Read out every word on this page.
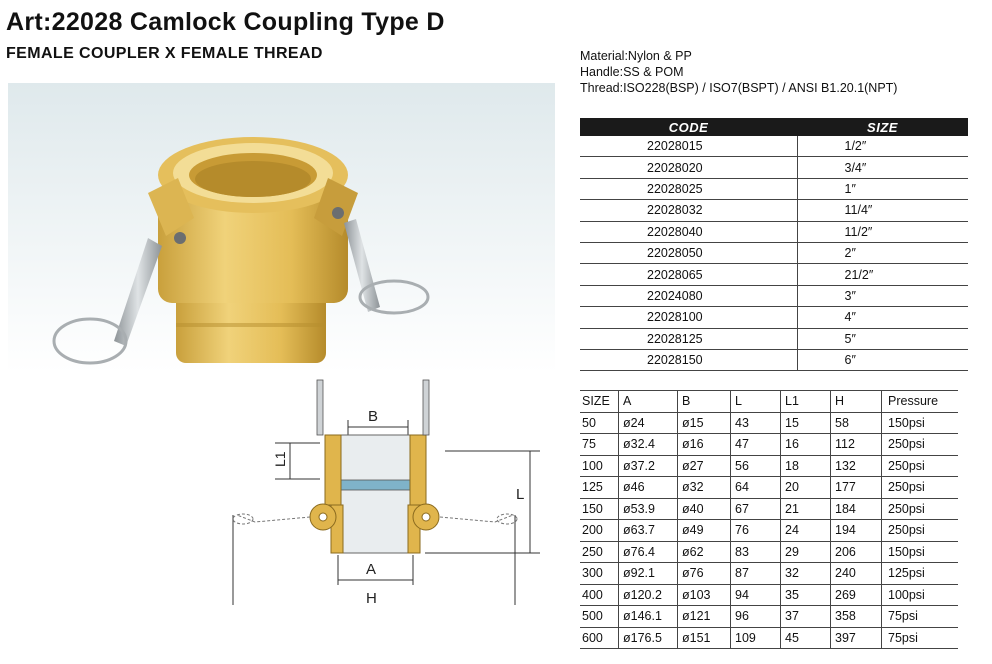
Art:22028 Camlock Coupling Type D
FEMALE COUPLER X FEMALE THREAD	Material:Nylon & PP
Handle:SS & POM
Thread:ISO228(BSP) / ISO7(BSPT) / ANSI B1.20.1(NPT)
B
L1
L
A
H
CODE	SIZE
22028015	1/2″
22028020	3/4″
22028025	1″
22028032	11/4″
22028040	11/2″
22028050	2″
22028065	21/2″
22024080	3″
22028100	4″
22028125	5″
22028150	6″
SIZE	A	B	L	L1	H	Pressure
50	ø24	ø15	43	15	58	150psi
75	ø32.4	ø16	47	16	112	250psi
100	ø37.2	ø27	56	18	132	250psi
125	ø46	ø32	64	20	177	250psi
150	ø53.9	ø40	67	21	184	250psi
200	ø63.7	ø49	76	24	194	250psi
250	ø76.4	ø62	83	29	206	150psi
300	ø92.1	ø76	87	32	240	125psi
400	ø120.2	ø103	94	35	269	100psi
500	ø146.1	ø121	96	37	358	75psi
600	ø176.5	ø151	109	45	397	75psi
